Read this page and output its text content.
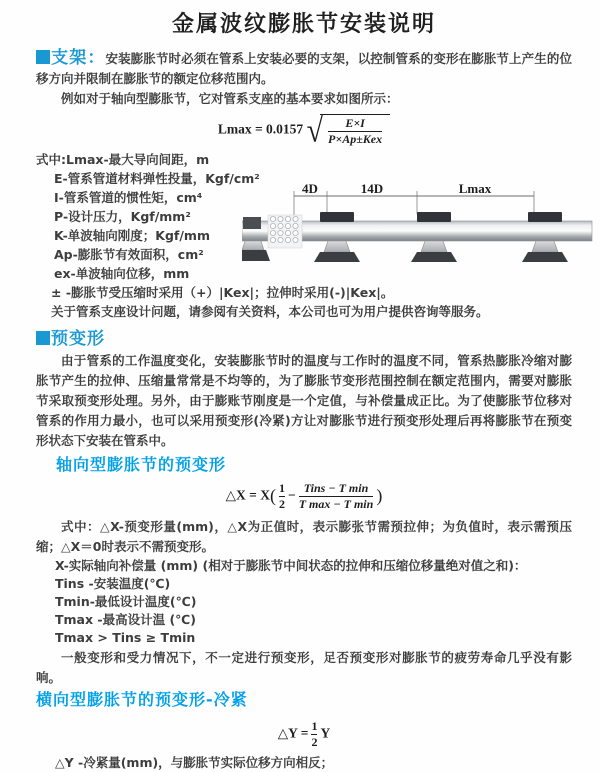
金属波纹膨胀节安装说明

支架：安装膨胀节时必须在管系上安装必要的支架，以控制管系的变形在膨胀节上产生的位移方向并限制在膨胀节的额定位移范围内。

例如对于轴向型膨胀节，它对管系支座的基本要求如图所示：

Lmax = 0.0157 √ $\frac{E\times I}{\text{P×Ap±Kex}}$
式中:Lmax-最大导向间距，m
E-管系管道材料弹性投量，Kgf/cm²
I-管系管道的惯性矩，cm⁴
P-设计压力，Kgf/mm²
K-单波轴向刚度；Kgf/mm
Ap-膨胀节有效面积，cm²
ex-单波轴向位移，mm
± -膨胀节受压缩时采用（+）|Kex|；拉伸时采用(-)|Kex|。
关于管系支座设计问题，请参阅有关资料，本公司也可为用户提供咨询等服务。
4D	14D	Lmax

预变形

由于管系的工作温度变化，安装膨胀节时的温度与工作时的温度不同，管系热膨胀冷缩对膨胀节产生的拉伸、压缩量常常是不均等的，为了膨胀节变形范围控制在额定范围内，需要对膨胀节采取预变形处理。另外，由于膨账节刚度是一个定值，与补偿量成正比。为了使膨胀节位移对管系的作用力最小，也可以采用预变形(冷紧)方让对膨胀节进行预变形处理后再将膨胀节在预变形状态下安装在管系中。

轴向型膨胀节的预变形
△X = $X( \frac{1}{2} - \frac{\text{Tins − T min}}{\text{T max − T min}}$ )

式中：△X-预变形量(mm)，△X为正值时，表示膨张节需预拉伸；为负值时，表示需预压缩；△X＝0时表示不需预变形。

X-实际轴向补偿量 (mm) (相对于膨胀节中间状态的拉伸和压缩位移量绝对值之和)：
Tins -安装温度(℃)
Tmin-最低设计温度(℃)
Tmax -最高设计温 (℃)
Tmax > Tins ≥ Tmin

一般变形和受力情况下，不一定进行预变形，足否预变形对膨胀节的疲劳寿命几乎没有影响。

横向型膨胀节的预变形-冷紧
△Y = $\frac{1}{2}$ Y
△Y -冷紧量(mm)，与膨胀节实际位移方向相反；
